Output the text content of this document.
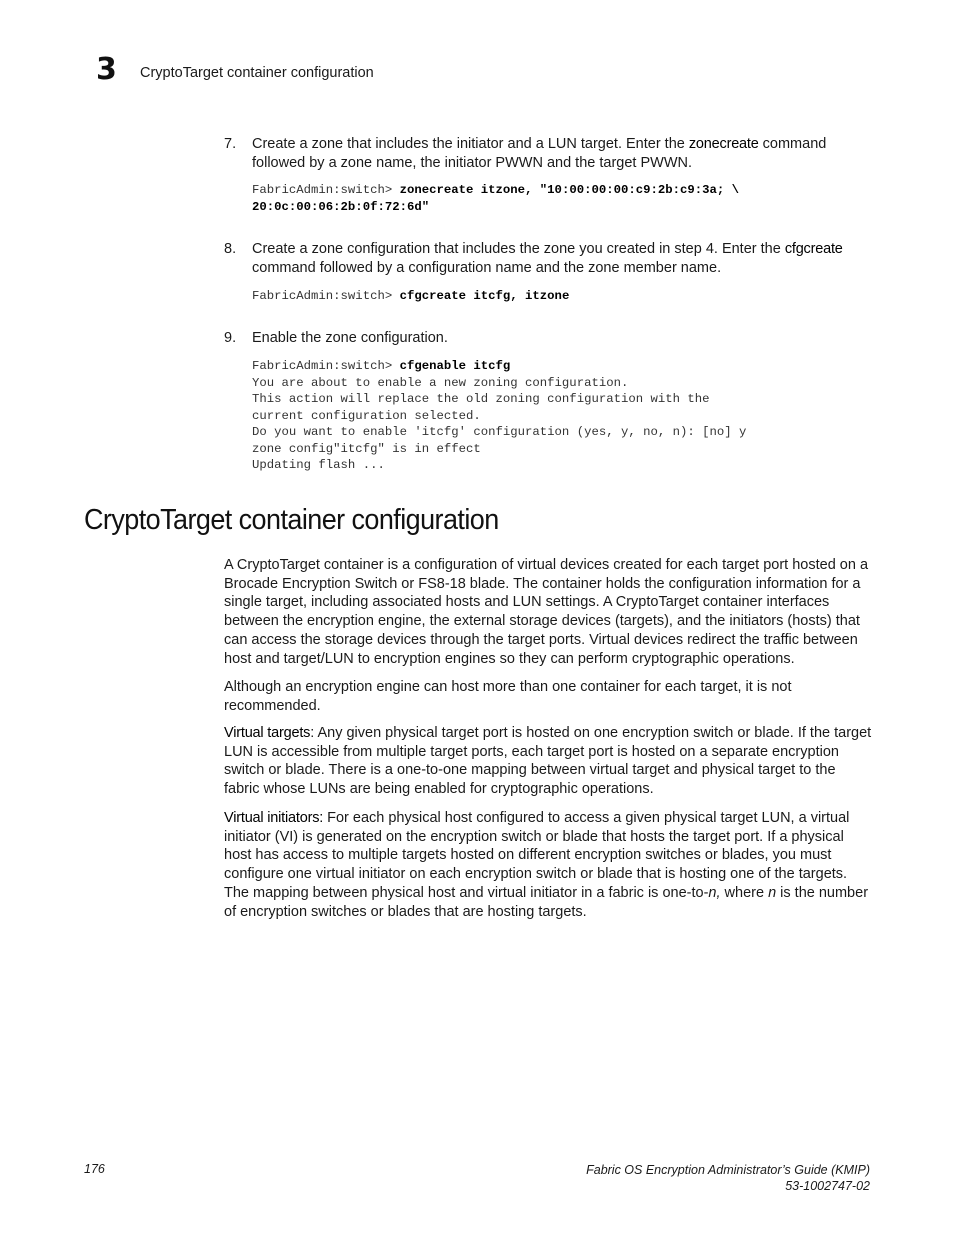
3 CryptoTarget container configuration
7. Create a zone that includes the initiator and a LUN target. Enter the zonecreate command followed by a zone name, the initiator PWWN and the target PWWN.
FabricAdmin:switch> zonecreate itzone, "10:00:00:00:c9:2b:c9:3a; \
20:0c:00:06:2b:0f:72:6d"
8. Create a zone configuration that includes the zone you created in step 4. Enter the cfgcreate command followed by a configuration name and the zone member name.
FabricAdmin:switch> cfgcreate itcfg, itzone
9. Enable the zone configuration.
FabricAdmin:switch> cfgenable itcfg
You are about to enable a new zoning configuration.
This action will replace the old zoning configuration with the
current configuration selected.
Do you want to enable 'itcfg' configuration (yes, y, no, n): [no] y
zone config"itcfg" is in effect
Updating flash ...
CryptoTarget container configuration

A CryptoTarget container is a configuration of virtual devices created for each target port hosted on a Brocade Encryption Switch or FS8-18 blade. The container holds the configuration information for a single target, including associated hosts and LUN settings. A CryptoTarget container interfaces between the encryption engine, the external storage devices (targets), and the initiators (hosts) that can access the storage devices through the target ports. Virtual devices redirect the traffic between host and target/LUN to encryption engines so they can perform cryptographic operations.

Although an encryption engine can host more than one container for each target, it is not recommended.

Virtual targets: Any given physical target port is hosted on one encryption switch or blade. If the target LUN is accessible from multiple target ports, each target port is hosted on a separate encryption switch or blade. There is a one-to-one mapping between virtual target and physical target to the fabric whose LUNs are being enabled for cryptographic operations.

Virtual initiators: For each physical host configured to access a given physical target LUN, a virtual initiator (VI) is generated on the encryption switch or blade that hosts the target port. If a physical host has access to multiple targets hosted on different encryption switches or blades, you must configure one virtual initiator on each encryption switch or blade that is hosting one of the targets. The mapping between physical host and virtual initiator in a fabric is one-to-n, where n is the number of encryption switches or blades that are hosting targets.

176	Fabric OS Encryption Administrator’s Guide (KMIP)
53-1002747-02
